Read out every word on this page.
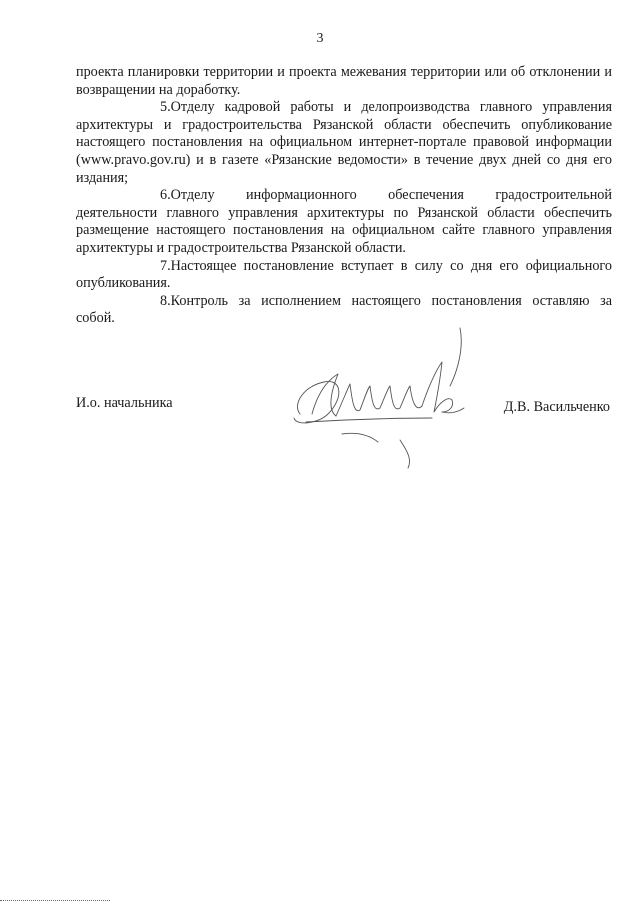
3

проекта планировки территории и проекта межевания территории или об отклонении и возвращении на доработку.

5.Отделу кадровой работы и делопроизводства главного управления архитектуры и градостроительства Рязанской области обеспечить опубликование настоящего постановления на официальном интернет-портале правовой информации (www.pravo.gov.ru) и в газете «Рязанские ведомости» в течение двух дней со дня его издания;

6.Отделу информационного обеспечения градостроительной деятельности главного управления архитектуры по Рязанской области обеспечить размещение настоящего постановления на официальном сайте главного управления архитектуры и градостроительства Рязанской области.

7.Настоящее постановление вступает в силу со дня его официального опубликования.

8.Контроль за исполнением настоящего постановления оставляю за собой.

И.о. начальника	Д.В. Васильченко
